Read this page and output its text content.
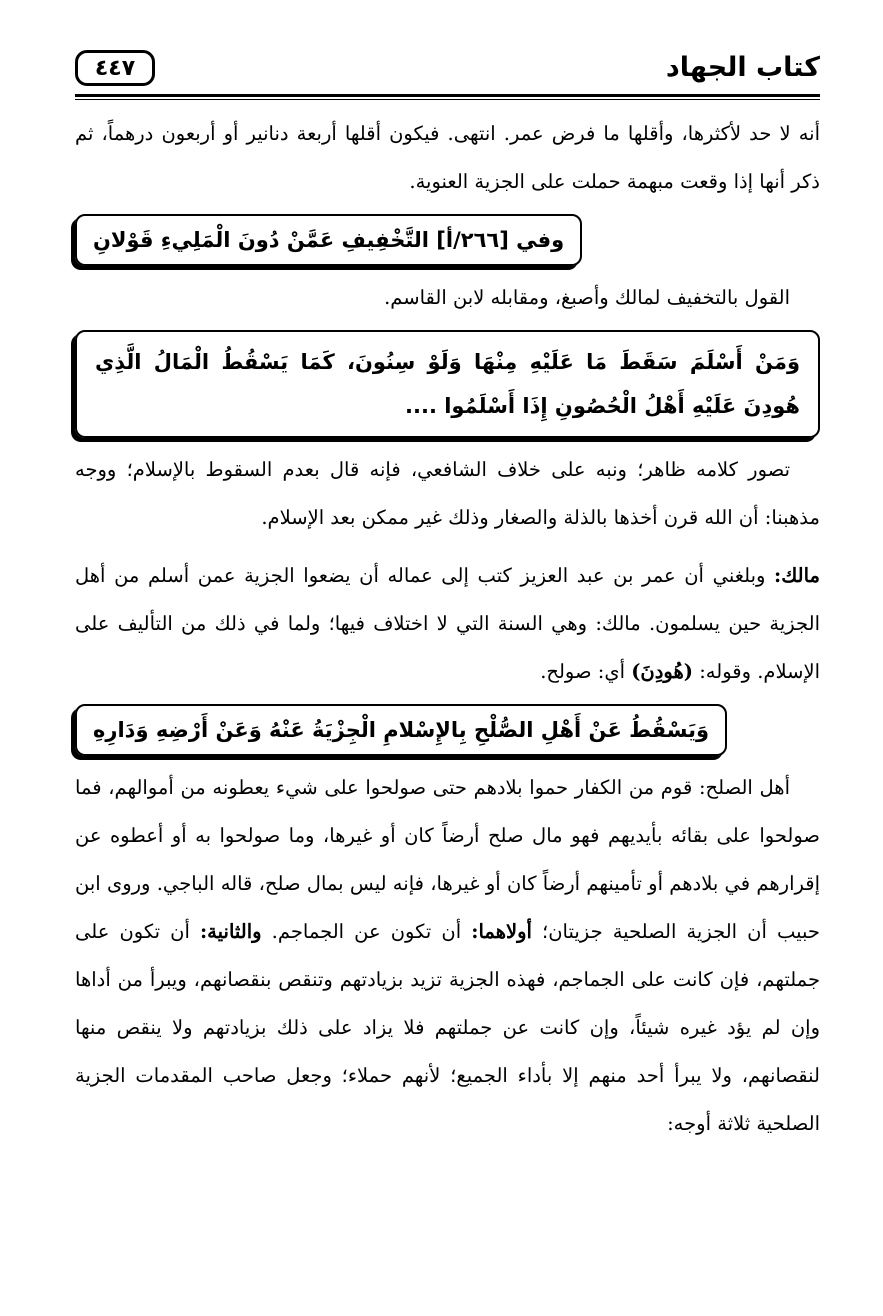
كتاب الجهاد
٤٤٧

أنه لا حد لأكثرها، وأقلها ما فرض عمر. انتهى. فيكون أقلها أربعة دنانير أو أربعون درهماً، ثم ذكر أنها إذا وقعت مبهمة حملت على الجزية العنوية.

وفي [٢٦٦/أ] التَّخْفِيفِ عَمَّنْ دُونَ الْمَلِيءِ قَوْلانِ

القول بالتخفيف لمالك وأصبغ، ومقابله لابن القاسم.

وَمَنْ أَسْلَمَ سَقَطَ مَا عَلَيْهِ مِنْهَا وَلَوْ سِنُونَ، كَمَا يَسْقُطُ الْمَالُ الَّذِي هُودِنَ عَلَيْهِ أَهْلُ الْحُصُونِ إِذَا أَسْلَمُوا ....

تصور كلامه ظاهر؛ ونبه على خلاف الشافعي، فإنه قال بعدم السقوط بالإسلام؛ ووجه مذهبنا: أن الله قرن أخذها بالذلة والصغار وذلك غير ممكن بعد الإسلام.

مالك: وبلغني أن عمر بن عبد العزيز كتب إلى عماله أن يضعوا الجزية عمن أسلم من أهل الجزية حين يسلمون. مالك: وهي السنة التي لا اختلاف فيها؛ ولما في ذلك من التأليف على الإسلام. وقوله: (هُودِنَ) أي: صولح.

وَيَسْقُطُ عَنْ أَهْلِ الصُّلْحِ بِالإِسْلامِ الْجِزْيَةُ عَنْهُ وَعَنْ أَرْضِهِ وَدَارِهِ

أهل الصلح: قوم من الكفار حموا بلادهم حتى صولحوا على شيء يعطونه من أموالهم، فما صولحوا على بقائه بأيديهم فهو مال صلح أرضاً كان أو غيرها، وما صولحوا به أو أعطوه عن إقرارهم في بلادهم أو تأمينهم أرضاً كان أو غيرها، فإنه ليس بمال صلح، قاله الباجي. وروى ابن حبيب أن الجزية الصلحية جزيتان؛ أولاهما: أن تكون عن الجماجم. والثانية: أن تكون على جملتهم، فإن كانت على الجماجم، فهذه الجزية تزيد بزيادتهم وتنقص بنقصانهم، ويبرأ من أداها وإن لم يؤد غيره شيئاً، وإن كانت عن جملتهم فلا يزاد على ذلك بزيادتهم ولا ينقص منها لنقصانهم، ولا يبرأ أحد منهم إلا بأداء الجميع؛ لأنهم حملاء؛ وجعل صاحب المقدمات الجزية الصلحية ثلاثة أوجه:
